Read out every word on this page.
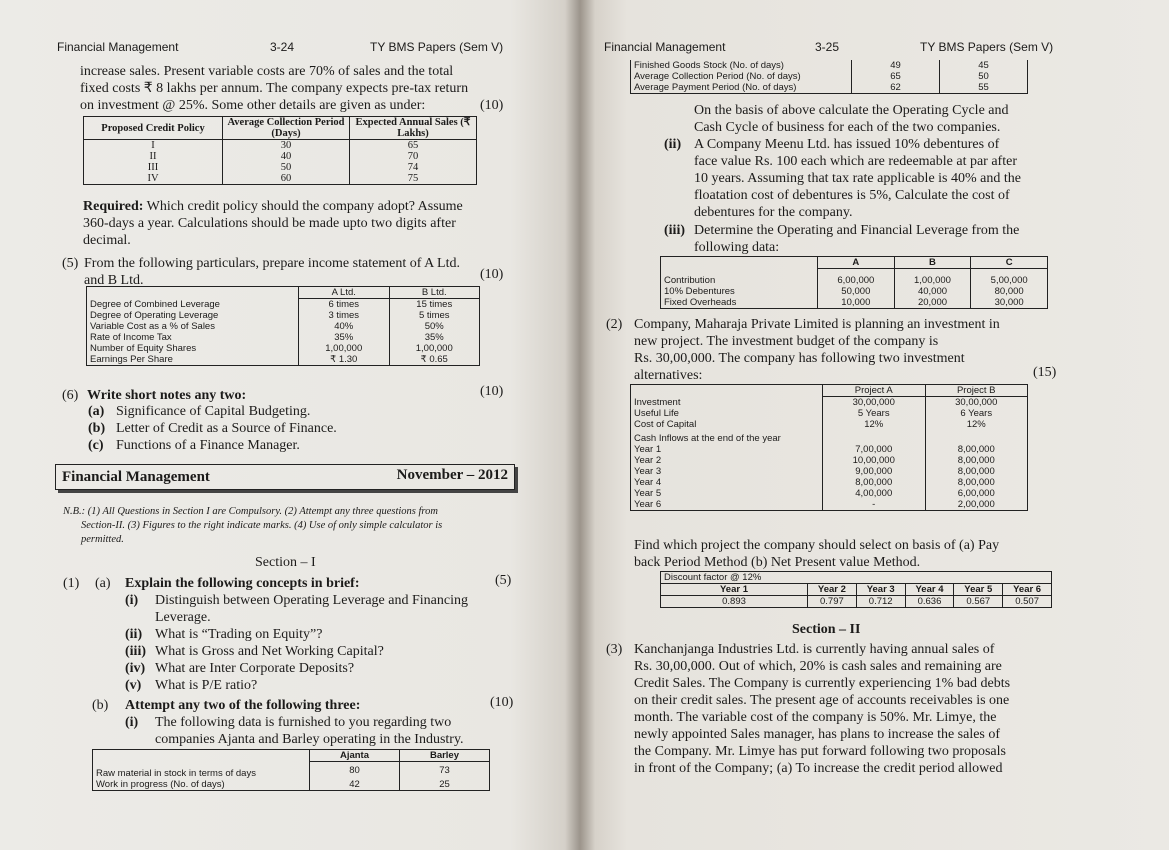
Financial Management	3-24	TY BMS Papers (Sem V)
increase sales. Present variable costs are 70% of sales and the total
fixed costs ₹ 8 lakhs per annum. The company expects pre-tax return
on investment @ 25%. Some other details are given as under:	(10)
Proposed Credit Policy	Average Collection Period (Days)	Expected Annual Sales (₹ Lakhs)
I	30	65
II	40	70
III	50	74
IV	60	75
Required: Which credit policy should the company adopt? Assume
360-days a year. Calculations should be made upto two digits after
decimal.
(5) From the following particulars, prepare income statement of A Ltd.
and B Ltd.	(10)
	A Ltd.	B Ltd.
Degree of Combined Leverage	6 times	15 times
Degree of Operating Leverage	3 times	5 times
Variable Cost as a % of Sales	40%	50%
Rate of Income Tax	35%	35%
Number of Equity Shares	1,00,000	1,00,000
Earnings Per Share	₹ 1.30	₹ 0.65
(6) Write short notes any two:	(10)
(a) Significance of Capital Budgeting.
(b) Letter of Credit as a Source of Finance.
(c) Functions of a Finance Manager.
Financial Management	November – 2012
N.B.: (1) All Questions in Section I are Compulsory. (2) Attempt any three questions from
Section-II. (3) Figures to the right indicate marks. (4) Use of only simple calculator is
permitted.
Section – I
(1) (a) Explain the following concepts in brief:	(5)
(i) Distinguish between Operating Leverage and Financing
Leverage.
(ii) What is “Trading on Equity”?
(iii) What is Gross and Net Working Capital?
(iv) What are Inter Corporate Deposits?
(v) What is P/E ratio?
(b) Attempt any two of the following three:	(10)
(i) The following data is furnished to you regarding two
companies Ajanta and Barley operating in the Industry.
	Ajanta	Barley
Raw material in stock in terms of days	80	73
Work in progress (No. of days)	42	25
Financial Management	3-25	TY BMS Papers (Sem V)
Finished Goods Stock (No. of days)	49	45
Average Collection Period (No. of days)	65	50
Average Payment Period (No. of days)	62	55
On the basis of above calculate the Operating Cycle and
Cash Cycle of business for each of the two companies.
(ii) A Company Meenu Ltd. has issued 10% debentures of
face value Rs. 100 each which are redeemable at par after
10 years. Assuming that tax rate applicable is 40% and the
floatation cost of debentures is 5%, Calculate the cost of
debentures for the company.
(iii) Determine the Operating and Financial Leverage from the
following data:
	A	B	C
Contribution	6,00,000	1,00,000	5,00,000
10% Debentures	50,000	40,000	80,000
Fixed Overheads	10,000	20,000	30,000
(2) Company, Maharaja Private Limited is planning an investment in
new project. The investment budget of the company is
Rs. 30,00,000. The company has following two investment
alternatives:	(15)
	Project A	Project B
Investment	30,00,000	30,00,000
Useful Life	5 Years	6 Years
Cost of Capital	12%	12%
Cash Inflows at the end of the year		
Year 1	7,00,000	8,00,000
Year 2	10,00,000	8,00,000
Year 3	9,00,000	8,00,000
Year 4	8,00,000	8,00,000
Year 5	4,00,000	6,00,000
Year 6	-	2,00,000
Find which project the company should select on basis of (a) Pay
back Period Method (b) Net Present value Method.
Discount factor @ 12%					
Year 1	Year 2	Year 3	Year 4	Year 5	Year 6
0.893	0.797	0.712	0.636	0.567	0.507
Section – II
(3) Kanchanjanga Industries Ltd. is currently having annual sales of
Rs. 30,00,000. Out of which, 20% is cash sales and remaining are
Credit Sales. The Company is currently experiencing 1% bad debts
on their credit sales. The present age of accounts receivables is one
month. The variable cost of the company is 50%. Mr. Limye, the
newly appointed Sales manager, has plans to increase the sales of
the Company. Mr. Limye has put forward following two proposals
in front of the Company; (a) To increase the credit period allowed
